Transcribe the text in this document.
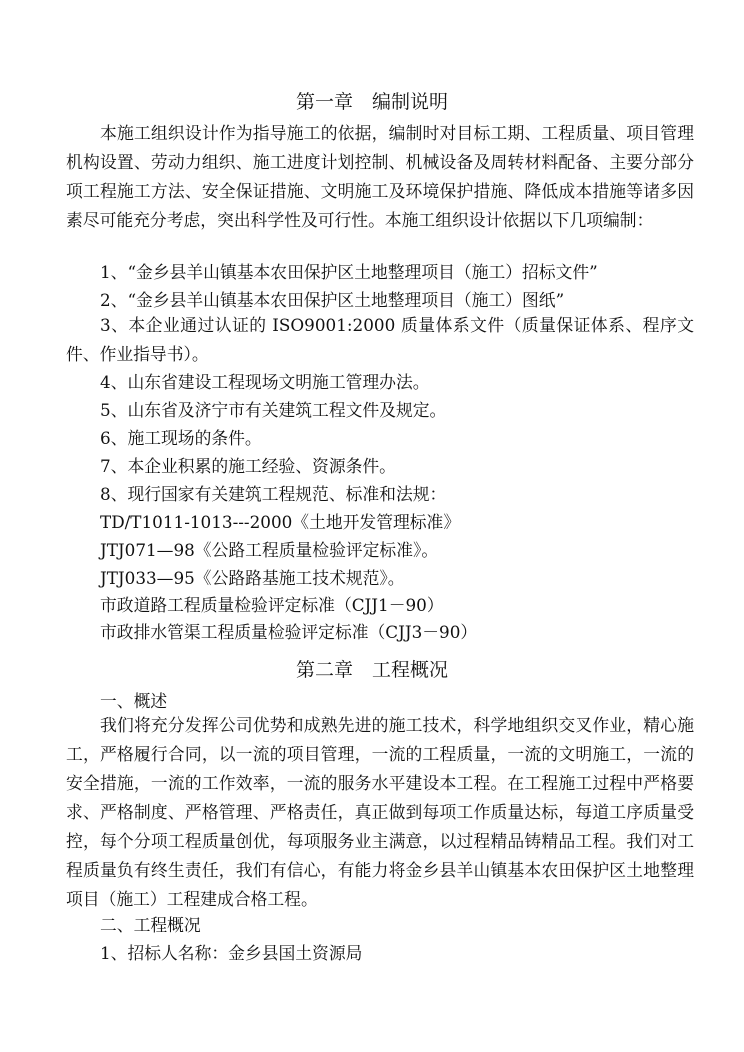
第一章　编制说明

本施工组织设计作为指导施工的依据，编制时对目标工期、工程质量、项目管理机构设置、劳动力组织、施工进度计划控制、机械设备及周转材料配备、主要分部分项工程施工方法、安全保证措施、文明施工及环境保护措施、降低成本措施等诸多因素尽可能充分考虑，突出科学性及可行性。本施工组织设计依据以下几项编制：

1、“金乡县羊山镇基本农田保护区土地整理项目（施工）招标文件”

2、“金乡县羊山镇基本农田保护区土地整理项目（施工）图纸”

3、本企业通过认证的 ISO9001:2000 质量体系文件（质量保证体系、程序文件、作业指导书）。

4、山东省建设工程现场文明施工管理办法。

5、山东省及济宁市有关建筑工程文件及规定。

6、施工现场的条件。

7、本企业积累的施工经验、资源条件。

8、现行国家有关建筑工程规范、标准和法规：

TD/T1011-1013---2000《土地开发管理标准》

JTJ071—98《公路工程质量检验评定标准》。

JTJ033—95《公路路基施工技术规范》。

市政道路工程质量检验评定标准（CJJ1－90）

市政排水管渠工程质量检验评定标准（CJJ3－90）

第二章　工程概况

一、概述

我们将充分发挥公司优势和成熟先进的施工技术，科学地组织交叉作业，精心施工，严格履行合同，以一流的项目管理，一流的工程质量，一流的文明施工，一流的安全措施，一流的工作效率，一流的服务水平建设本工程。在工程施工过程中严格要求、严格制度、严格管理、严格责任，真正做到每项工作质量达标，每道工序质量受控，每个分项工程质量创优，每项服务业主满意，以过程精品铸精品工程。我们对工程质量负有终生责任，我们有信心，有能力将金乡县羊山镇基本农田保护区土地整理项目（施工）工程建成合格工程。

二、工程概况

1、招标人名称：金乡县国土资源局
